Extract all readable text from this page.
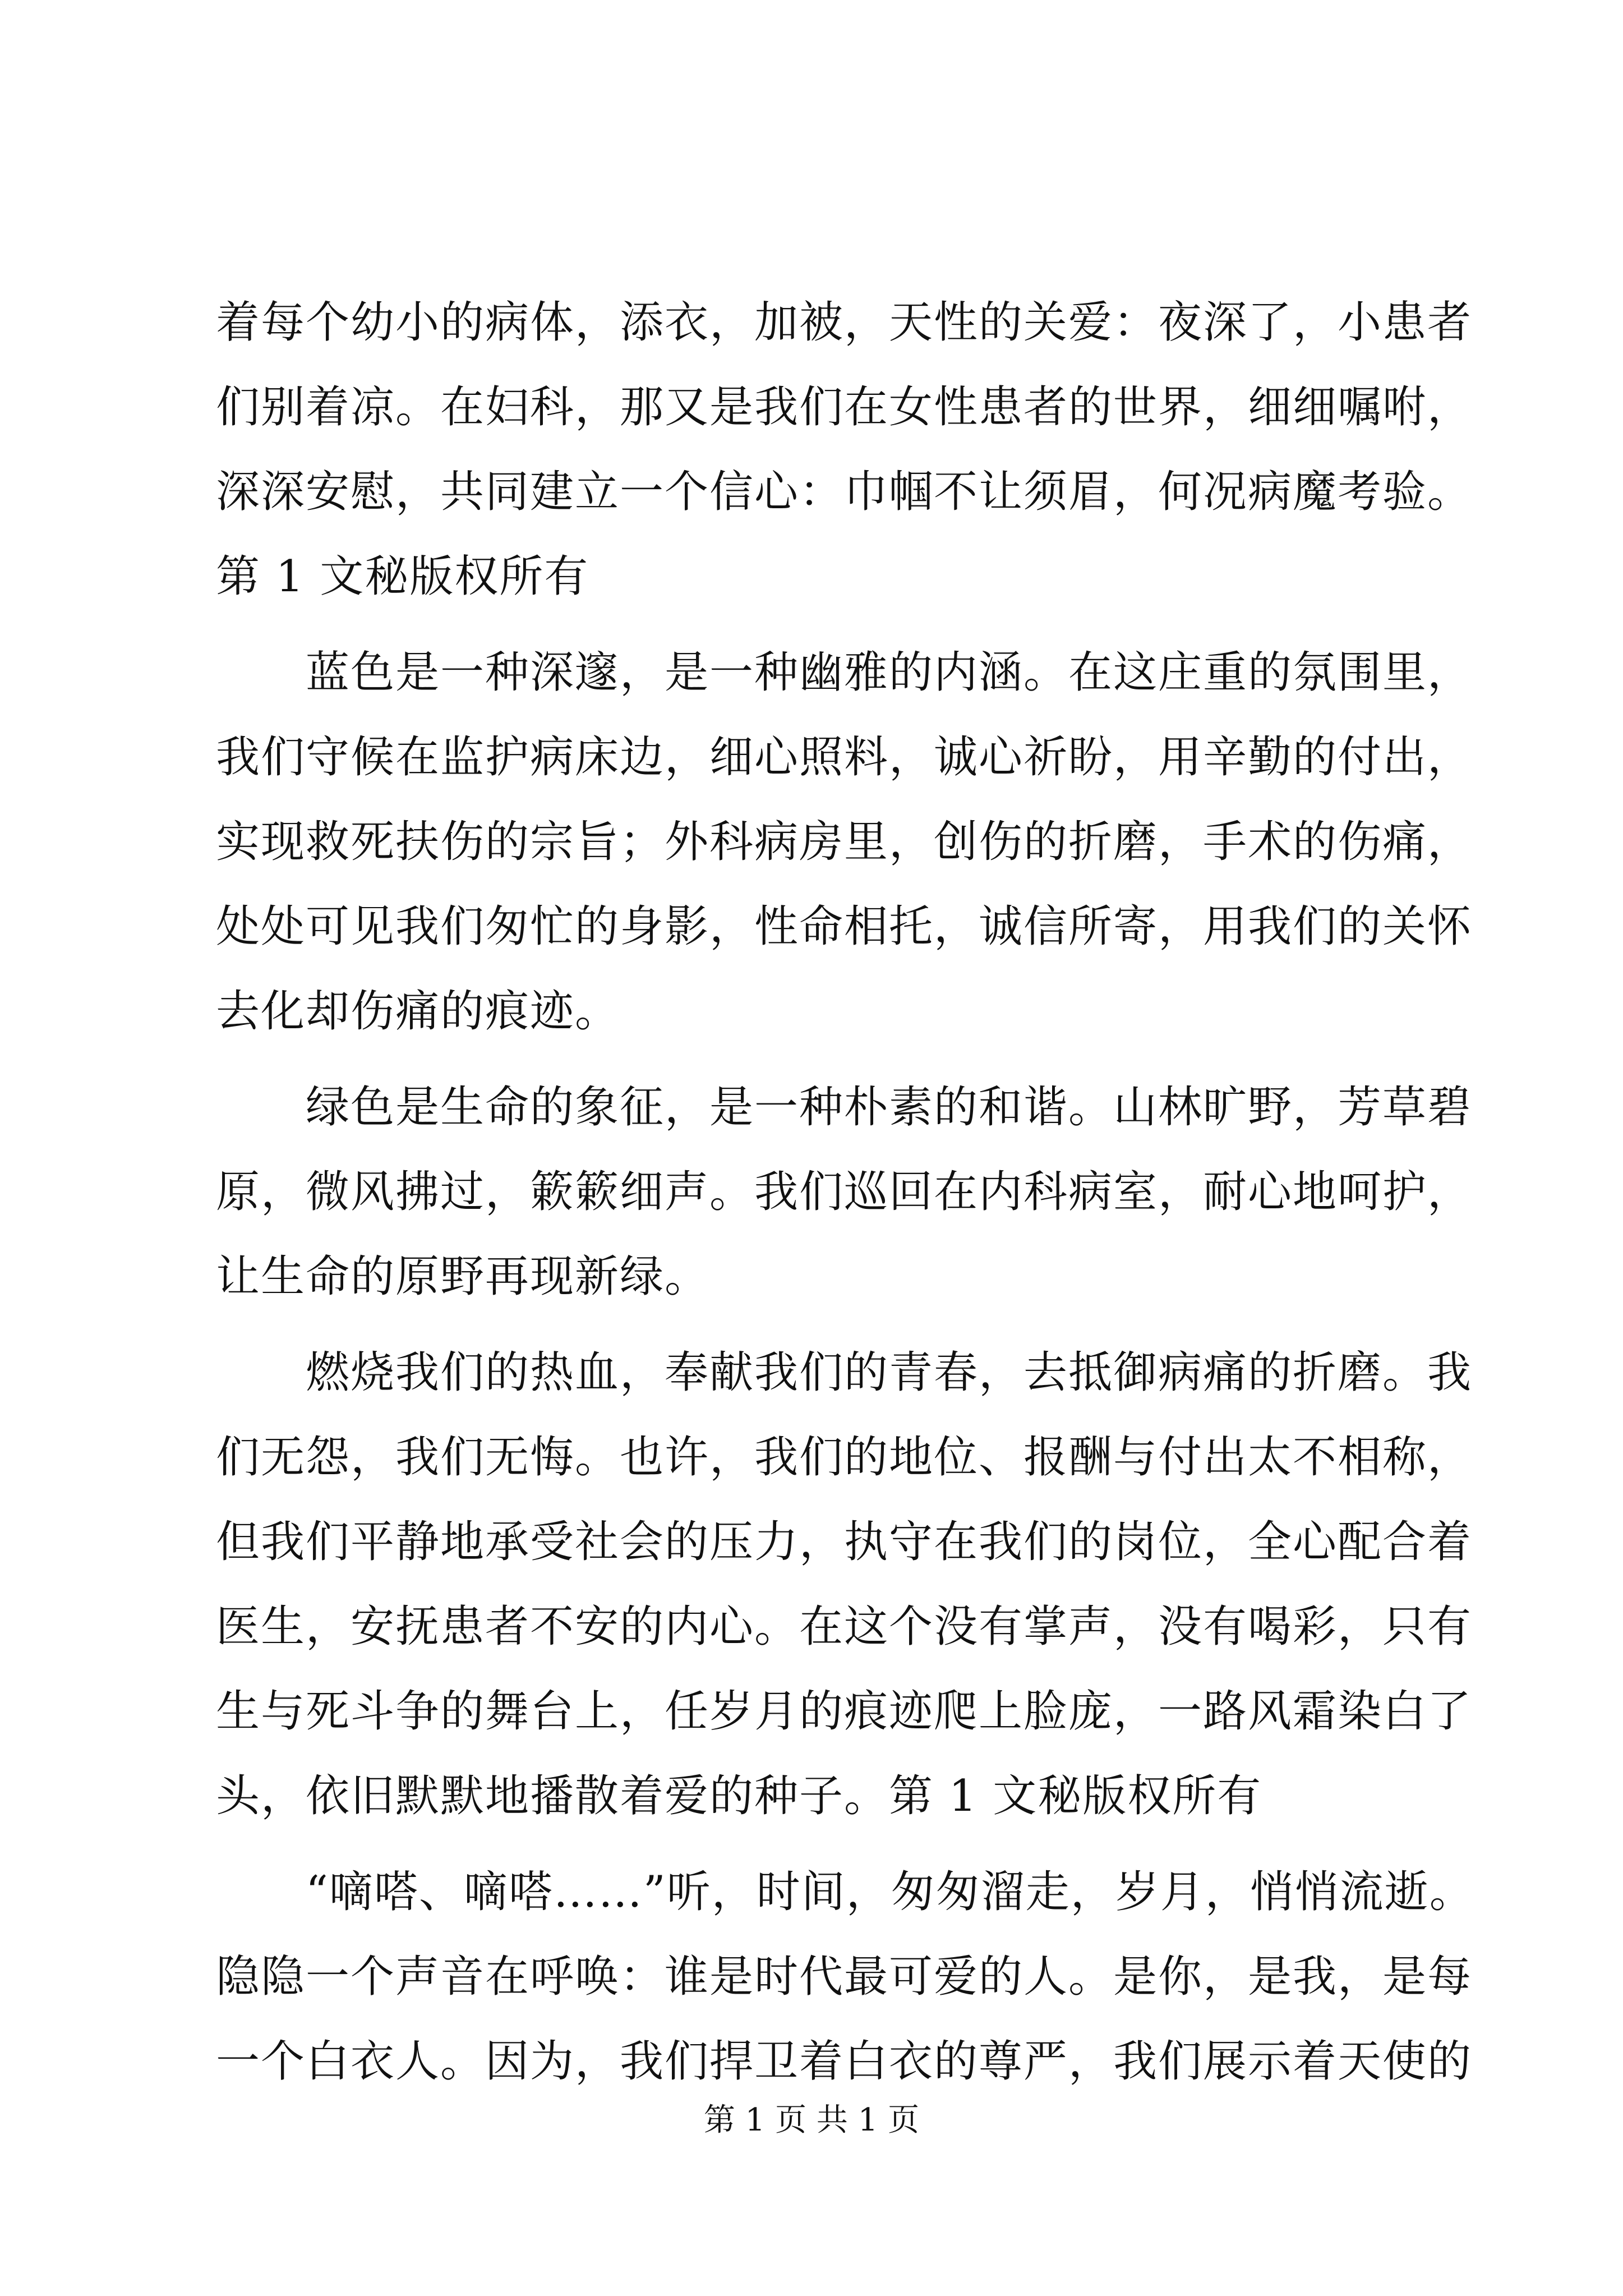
着每个幼小的病体，添衣，加被，天性的关爱：夜深了，小患者
们别着凉。在妇科，那又是我们在女性患者的世界，细细嘱咐，
深深安慰，共同建立一个信心：巾帼不让须眉，何况病魔考验。
第 1 文秘版权所有
蓝色是一种深邃，是一种幽雅的内涵。在这庄重的氛围里，
我们守候在监护病床边，细心照料，诚心祈盼，用辛勤的付出，
实现救死扶伤的宗旨；外科病房里，创伤的折磨，手术的伤痛，
处处可见我们匆忙的身影，性命相托，诚信所寄，用我们的关怀
去化却伤痛的痕迹。
绿色是生命的象征，是一种朴素的和谐。山林旷野，芳草碧
原，微风拂过，簌簌细声。我们巡回在内科病室，耐心地呵护，
让生命的原野再现新绿。
燃烧我们的热血，奉献我们的青春，去抵御病痛的折磨。我
们无怨，我们无悔。也许，我们的地位、报酬与付出太不相称，
但我们平静地承受社会的压力，执守在我们的岗位，全心配合着
医生，安抚患者不安的内心。在这个没有掌声，没有喝彩，只有
生与死斗争的舞台上，任岁月的痕迹爬上脸庞，一路风霜染白了
头，依旧默默地播散着爱的种子。第 1 文秘版权所有
“嘀嗒、嘀嗒……”听，时间，匆匆溜走，岁月，悄悄流逝。
隐隐一个声音在呼唤：谁是时代最可爱的人。是你，是我，是每
一个白衣人。因为，我们捍卫着白衣的尊严，我们展示着天使的
第 1 页 共 1 页
